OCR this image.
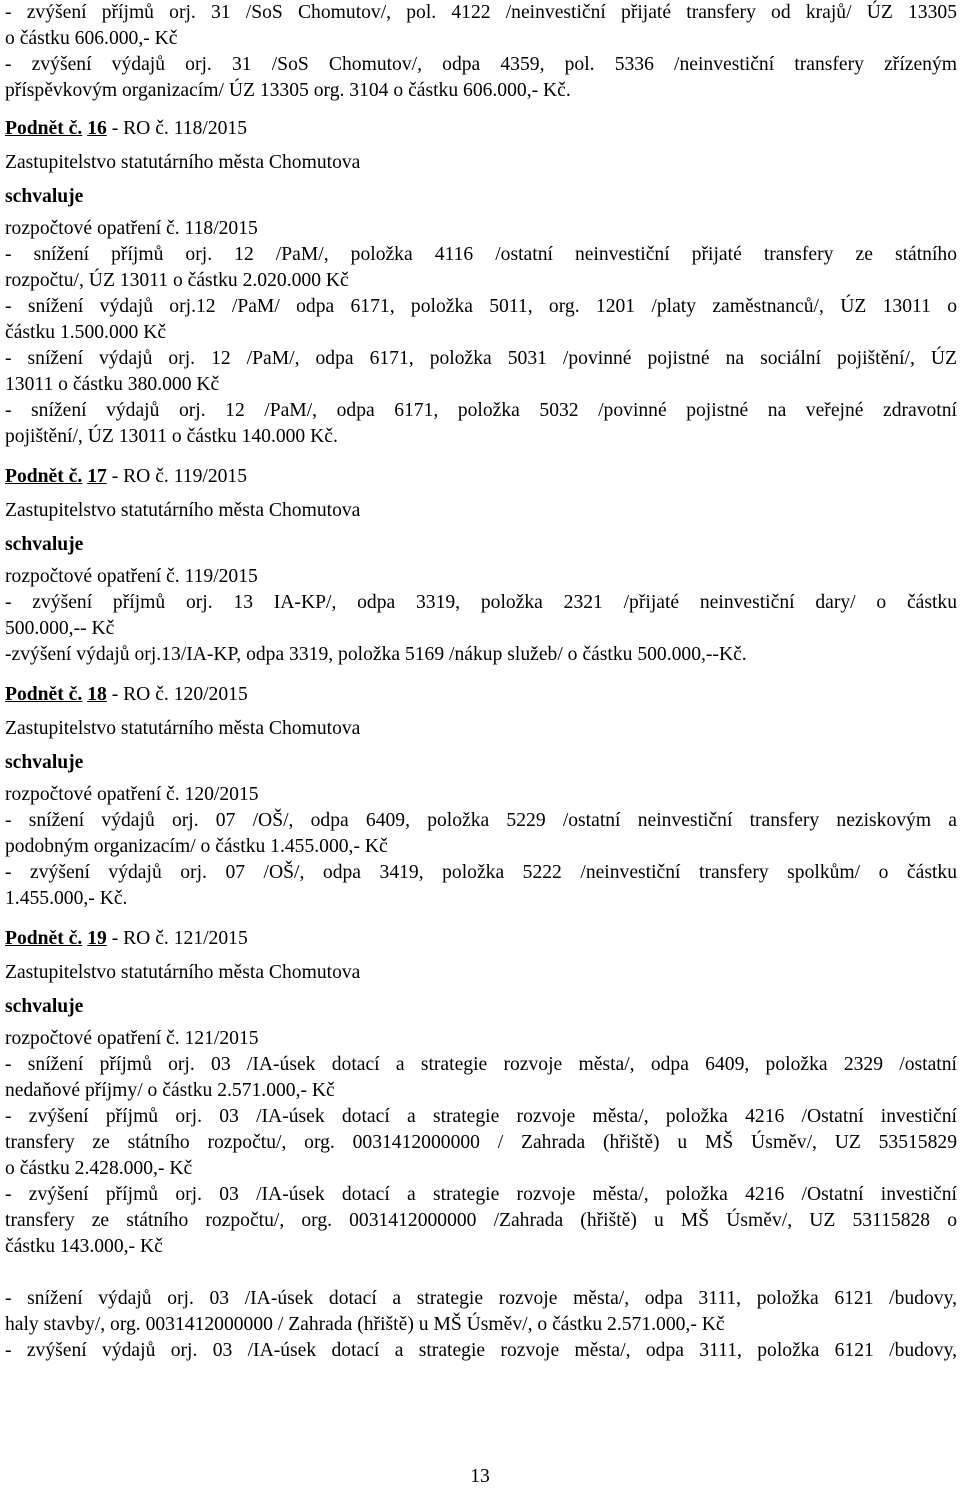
- zvýšení příjmů orj. 31 /SoS Chomutov/, pol. 4122 /neinvestiční přijaté transfery od krajů/ ÚZ 13305
o částku 606.000,- Kč
- zvýšení výdajů orj. 31 /SoS Chomutov/, odpa 4359, pol. 5336 /neinvestiční transfery zřízeným
příspěvkovým organizacím/ ÚZ 13305 org. 3104 o částku 606.000,- Kč.
Podnět č. 16 - RO č. 118/2015
Zastupitelstvo statutárního města Chomutova
schvaluje
rozpočtové opatření č. 118/2015
- snížení příjmů orj. 12 /PaM/, položka 4116 /ostatní neinvestiční přijaté transfery ze státního
rozpočtu/, ÚZ 13011 o částku 2.020.000 Kč
- snížení výdajů orj.12 /PaM/ odpa 6171, položka 5011, org. 1201 /platy zaměstnanců/, ÚZ 13011 o
částku 1.500.000 Kč
- snížení výdajů orj. 12 /PaM/, odpa 6171, položka 5031 /povinné pojistné na sociální pojištění/, ÚZ
13011 o částku 380.000 Kč
- snížení výdajů orj. 12 /PaM/, odpa 6171, položka 5032 /povinné pojistné na veřejné zdravotní
pojištění/, ÚZ 13011 o částku 140.000 Kč.
Podnět č. 17 - RO č. 119/2015
Zastupitelstvo statutárního města Chomutova
schvaluje
rozpočtové opatření č. 119/2015
- zvýšení příjmů orj. 13 IA-KP/, odpa 3319, položka 2321 /přijaté neinvestiční dary/ o částku
500.000,-- Kč
-zvýšení výdajů orj.13/IA-KP, odpa 3319, položka 5169 /nákup služeb/ o částku 500.000,--Kč.
Podnět č. 18 - RO č. 120/2015
Zastupitelstvo statutárního města Chomutova
schvaluje
rozpočtové opatření č. 120/2015
- snížení výdajů orj. 07 /OŠ/, odpa 6409, položka 5229 /ostatní neinvestiční transfery neziskovým a
podobným organizacím/ o částku 1.455.000,- Kč
- zvýšení výdajů orj. 07 /OŠ/, odpa 3419, položka 5222 /neinvestiční transfery spolkům/ o částku
1.455.000,- Kč.
Podnět č. 19 - RO č. 121/2015
Zastupitelstvo statutárního města Chomutova
schvaluje
rozpočtové opatření č. 121/2015
- snížení příjmů orj. 03 /IA-úsek dotací a strategie rozvoje města/, odpa 6409, položka 2329 /ostatní
nedaňové příjmy/ o částku 2.571.000,- Kč
- zvýšení příjmů orj. 03 /IA-úsek dotací a strategie rozvoje města/, položka 4216 /Ostatní investiční
transfery ze státního rozpočtu/, org. 0031412000000 / Zahrada (hřiště) u MŠ Úsměv/, UZ 53515829
o částku 2.428.000,- Kč
- zvýšení příjmů orj. 03 /IA-úsek dotací a strategie rozvoje města/, položka 4216 /Ostatní investiční
transfery ze státního rozpočtu/, org. 0031412000000 /Zahrada (hřiště) u MŠ Úsměv/, UZ 53115828 o
částku 143.000,- Kč
- snížení výdajů orj. 03 /IA-úsek dotací a strategie rozvoje města/, odpa 3111, položka 6121 /budovy,
haly stavby/, org. 0031412000000 / Zahrada (hřiště) u MŠ Úsměv/, o částku 2.571.000,- Kč
- zvýšení výdajů orj. 03 /IA-úsek dotací a strategie rozvoje města/, odpa 3111, položka 6121 /budovy,
13
